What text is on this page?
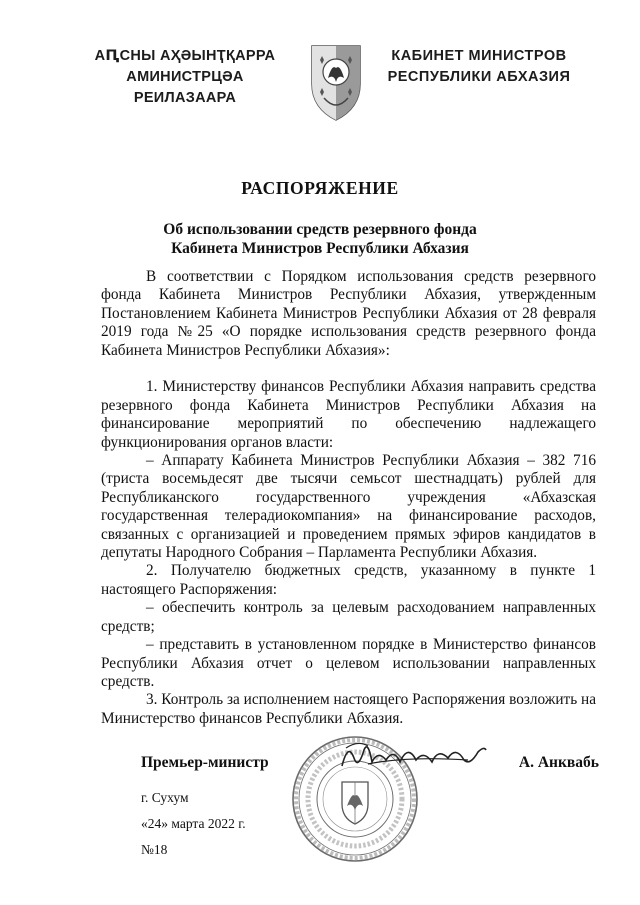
АԤСНЫ АҲӘЫНҬҚАРРА
АМИНИСТРЦӘА РЕИЛАЗААРА
КАБИНЕТ МИНИСТРОВ
РЕСПУБЛИКИ АБХАЗИЯ
РАСПОРЯЖЕНИЕ
Об использовании средств резервного фонда
Кабинета Министров Республики Абхазия

В соответствии с Порядком использования средств резервного фонда Кабинета Министров Республики Абхазия, утвержденным Постановлением Кабинета Министров Республики Абхазия от 28 февраля 2019 года №25 «О порядке использования средств резервного фонда Кабинета Министров Республики Абхазия»:

1. Министерству финансов Республики Абхазия направить средства резервного фонда Кабинета Министров Республики Абхазия на финансирование мероприятий по обеспечению надлежащего функционирования органов власти:

– Аппарату Кабинета Министров Республики Абхазия – 382 716 (триста восемьдесят две тысячи семьсот шестнадцать) рублей для Республиканского государственного учреждения «Абхазская государственная телерадиокомпания» на финансирование расходов, связанных с организацией и проведением прямых эфиров кандидатов в депутаты Народного Собрания – Парламента Республики Абхазия.

2. Получателю бюджетных средств, указанному в пункте 1 настоящего Распоряжения:

– обеспечить контроль за целевым расходованием направленных средств;

– представить в установленном порядке в Министерство финансов Республики Абхазия отчет о целевом использовании направленных средств.

3. Контроль за исполнением настоящего Распоряжения возложить на Министерство финансов Республики Абхазия.

Премьер-министр	А. Анквабь
г. Сухум
«24» марта 2022 г.
№18
